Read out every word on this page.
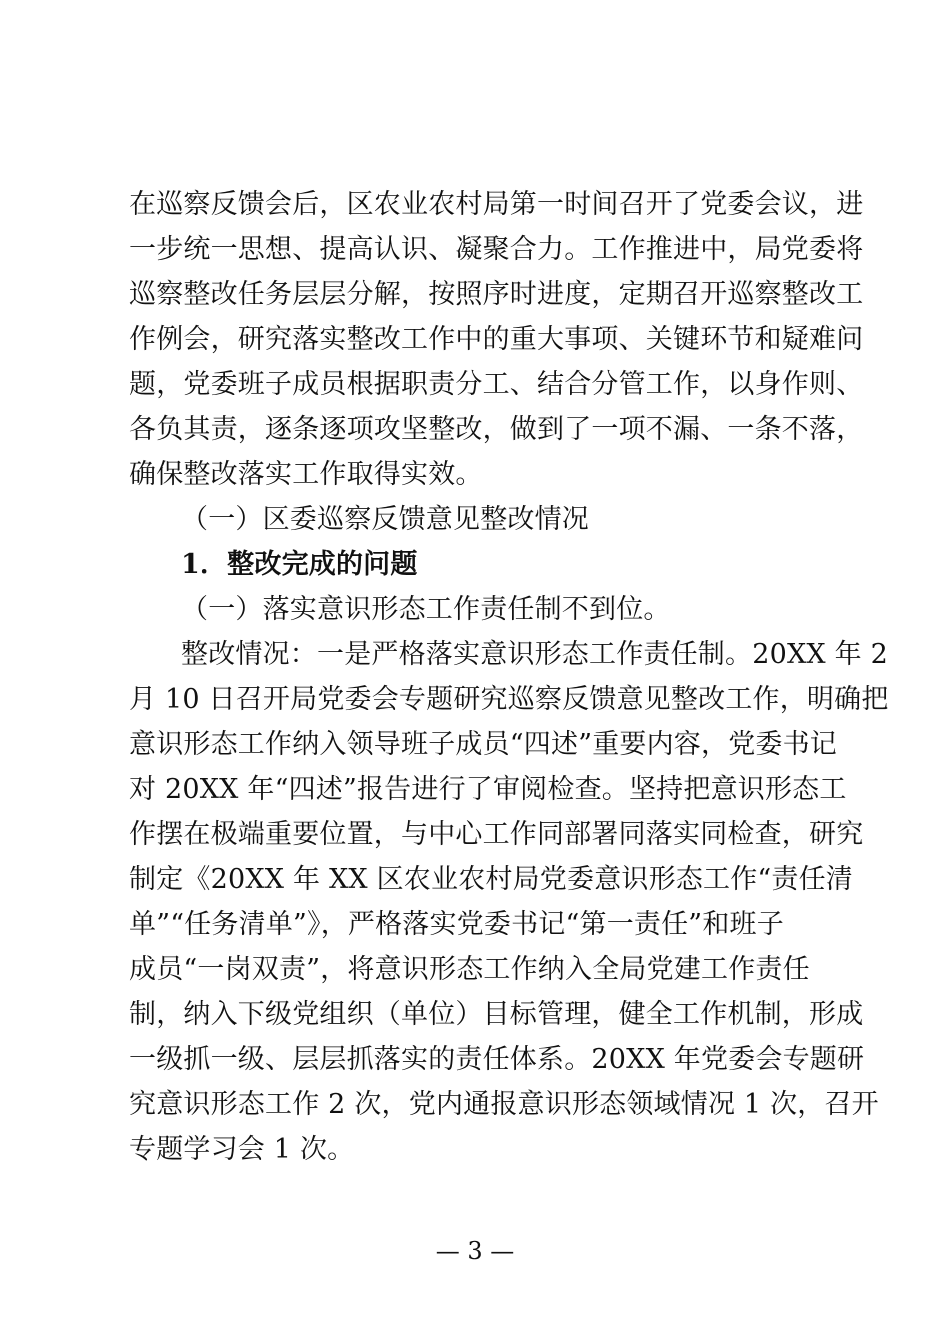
在巡察反馈会后，区农业农村局第一时间召开了党委会议，进
一步统一思想、提高认识、凝聚合力。工作推进中，局党委将
巡察整改任务层层分解，按照序时进度，定期召开巡察整改工
作例会，研究落实整改工作中的重大事项、关键环节和疑难问
题，党委班子成员根据职责分工、结合分管工作，以身作则、
各负其责，逐条逐项攻坚整改，做到了一项不漏、一条不落，
确保整改落实工作取得实效。
（一）区委巡察反馈意见整改情况
1．整改完成的问题
（一）落实意识形态工作责任制不到位。
整改情况：一是严格落实意识形态工作责任制。20XX 年 2
月 10 日召开局党委会专题研究巡察反馈意见整改工作，明确把
意识形态工作纳入领导班子成员“四述”重要内容，党委书记
对 20XX 年“四述”报告进行了审阅检查。坚持把意识形态工
作摆在极端重要位置，与中心工作同部署同落实同检查，研究
制定《20XX 年 XX 区农业农村局党委意识形态工作“责任清
单”“任务清单”》，严格落实党委书记“第一责任”和班子
成员“一岗双责”，将意识形态工作纳入全局党建工作责任
制，纳入下级党组织（单位）目标管理，健全工作机制，形成
一级抓一级、层层抓落实的责任体系。20XX 年党委会专题研
究意识形态工作 2 次，党内通报意识形态领域情况 1 次，召开
专题学习会 1 次。
— 3 —
